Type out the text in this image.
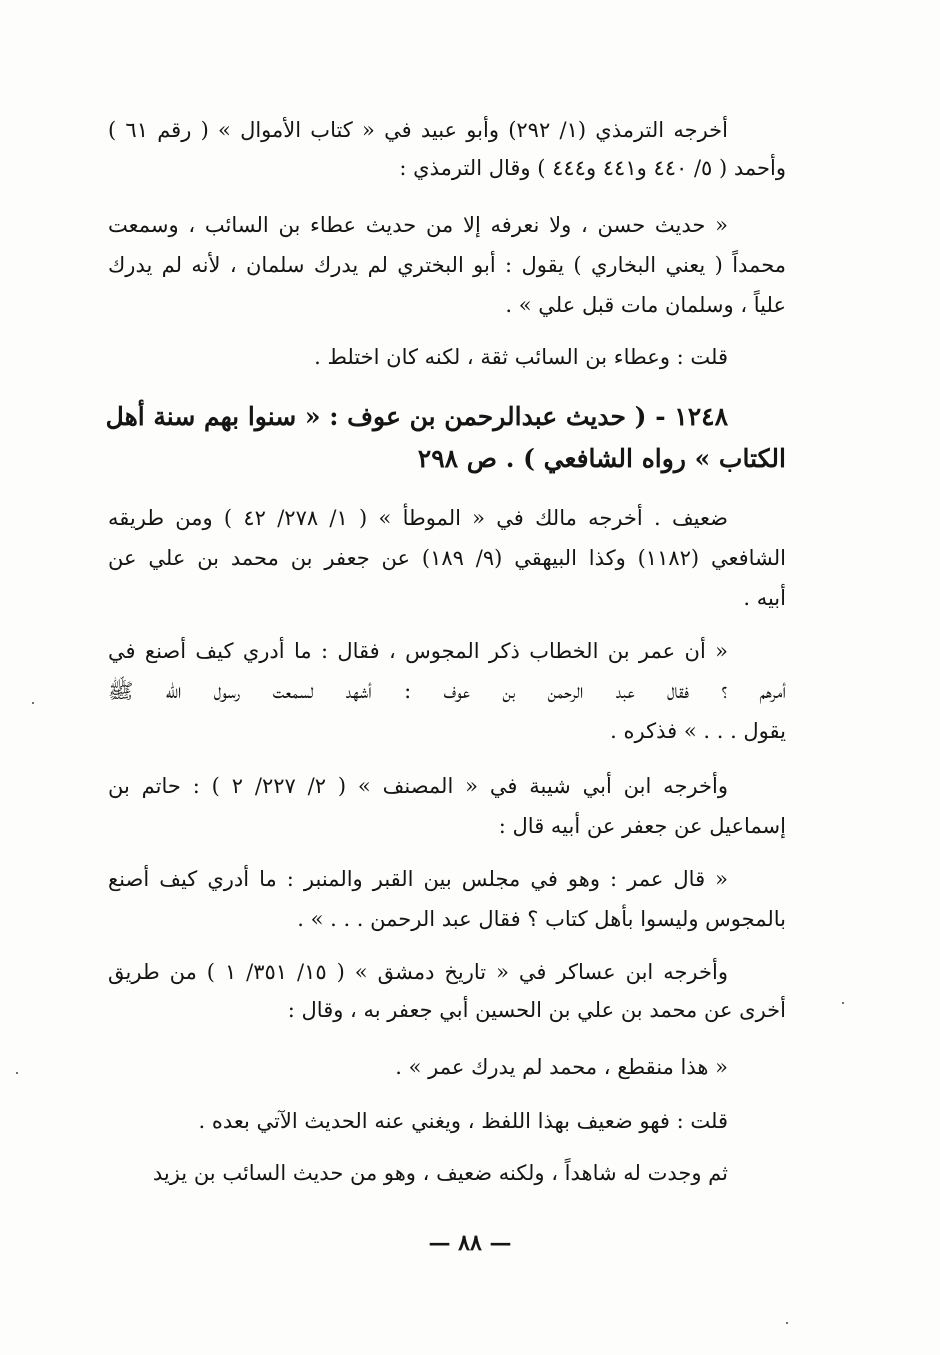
أخرجه الترمذي (١/ ٢٩٢) وأبو عبيد في « كتاب الأموال » ( رقم ٦١ )
وأحمد ( ٥/ ٤٤٠ و٤٤١ و٤٤٤ ) وقال الترمذي :
« حديث حسن ، ولا نعرفه إلا من حديث عطاء بن السائب ، وسمعت
محمداً ( يعني البخاري ) يقول : أبو البختري لم يدرك سلمان ، لأنه لم يدرك
علياً ، وسلمان مات قبل علي » .
قلت : وعطاء بن السائب ثقة ، لكنه كان اختلط .
١٢٤٨ - ( حديث عبدالرحمن بن عوف : « سنوا بهم سنة أهل
الكتاب » رواه الشافعي ) . ص ٢٩٨
ضعيف . أخرجه مالك في « الموطأ » ( ١/ ٢٧٨/ ٤٢ ) ومن طريقه
الشافعي (١١٨٢) وكذا البيهقي (٩/ ١٨٩) عن جعفر بن محمد بن علي عن
أبيه .
« أن عمر بن الخطاب ذكر المجوس ، فقال : ما أدري كيف أصنع في
أمرهم ؟ فقال عبد الرحمن بن عوف : أشهد لسمعت رسول الله ﷺ
يقول . . . » فذكره .
وأخرجه ابن أبي شيبة في « المصنف » ( ٢/ ٢٢٧/ ٢ ) : حاتم بن
إسماعيل عن جعفر عن أبيه قال :
« قال عمر : وهو في مجلس بين القبر والمنبر : ما أدري كيف أصنع
بالمجوس وليسوا بأهل كتاب ؟ فقال عبد الرحمن . . . » .
وأخرجه ابن عساكر في « تاريخ دمشق » ( ١٥/ ٣٥١/ ١ ) من طريق
أخرى عن محمد بن علي بن الحسين أبي جعفر به ، وقال :
« هذا منقطع ، محمد لم يدرك عمر » .
قلت : فهو ضعيف بهذا اللفظ ، ويغني عنه الحديث الآتي بعده .
ثم وجدت له شاهداً ، ولكنه ضعيف ، وهو من حديث السائب بن يزيد
— ٨٨ —
